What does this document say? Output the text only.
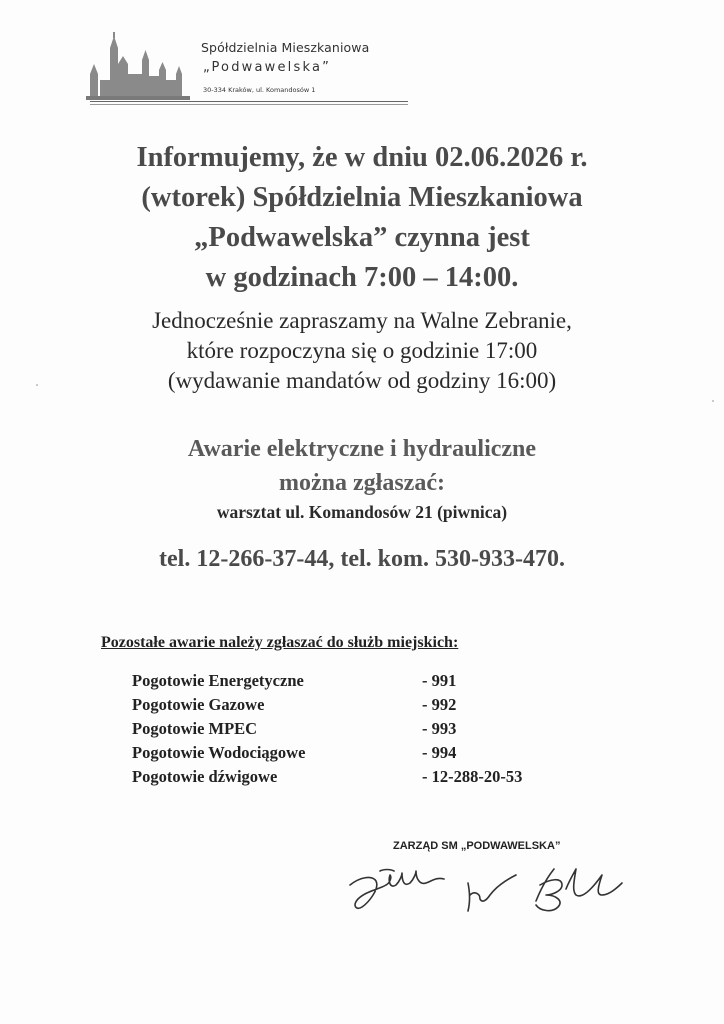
Spółdzielnia Mieszkaniowa
„Podwawelska”
30-334 Kraków, ul. Komandosów 1
Informujemy, że w dniu 02.06.2026 r.
(wtorek) Spółdzielnia Mieszkaniowa
„Podwawelska” czynna jest
w godzinach 7:00 – 14:00.
Jednocześnie zapraszamy na Walne Zebranie,
które rozpoczyna się o godzinie 17:00
(wydawanie mandatów od godziny 16:00)
Awarie elektryczne i hydrauliczne
można zgłaszać:
warsztat ul. Komandosów 21 (piwnica)
tel. 12-266-37-44, tel. kom. 530-933-470.
Pozostałe awarie należy zgłaszać do służb miejskich:
Pogotowie Energetyczne	- 991
Pogotowie Gazowe	- 992
Pogotowie MPEC	- 993
Pogotowie Wodociągowe	- 994
Pogotowie dźwigowe	- 12-288-20-53
ZARZĄD SM „PODWAWELSKA”
